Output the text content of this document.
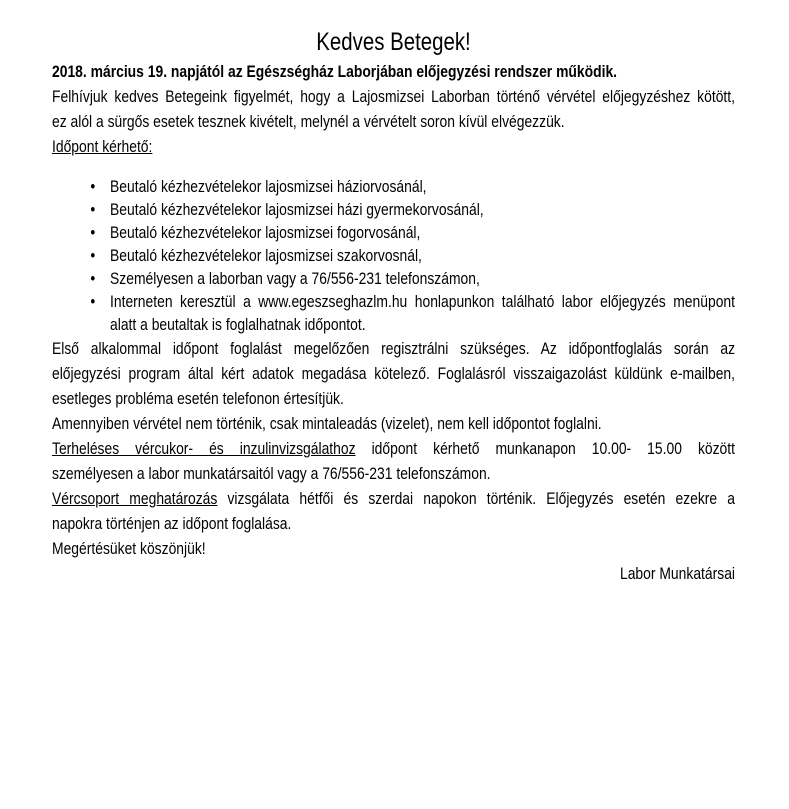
Kedves Betegek!

2018. március 19. napjától az Egészségház Laborjában előjegyzési rendszer működik.

Felhívjuk kedves Betegeink figyelmét, hogy a Lajosmizsei Laborban történő vérvétel előjegyzéshez kötött,
ez alól a sürgős esetek tesznek kivételt, melynél a vérvételt soron kívül elvégezzük.

Időpont kérhető:

• Beutaló kézhezvételekor lajosmizsei háziorvosánál,
• Beutaló kézhezvételekor lajosmizsei házi gyermekorvosánál,
• Beutaló kézhezvételekor lajosmizsei fogorvosánál,
• Beutaló kézhezvételekor lajosmizsei szakorvosnál,
• Személyesen a laborban vagy a 76/556-231 telefonszámon,
• Interneten keresztül a www.egeszseghazlm.hu honlapunkon található labor előjegyzés menüpont
alatt a beutaltak is foglalhatnak időpontot.

Első alkalommal időpont foglalást megelőzően regisztrálni szükséges. Az időpontfoglalás során az
előjegyzési program által kért adatok megadása kötelező. Foglalásról visszaigazolást küldünk e-mailben,
esetleges probléma esetén telefonon értesítjük.

Amennyiben vérvétel nem történik, csak mintaleadás (vizelet), nem kell időpontot foglalni.

Terheléses vércukor- és inzulinvizsgálathoz időpont kérhető munkanapon 10.00- 15.00 között
személyesen a labor munkatársaitól vagy a 76/556-231 telefonszámon.

Vércsoport meghatározás vizsgálata hétfői és szerdai napokon történik. Előjegyzés esetén ezekre a
napokra történjen az időpont foglalása.

Megértésüket köszönjük!

Labor Munkatársai
